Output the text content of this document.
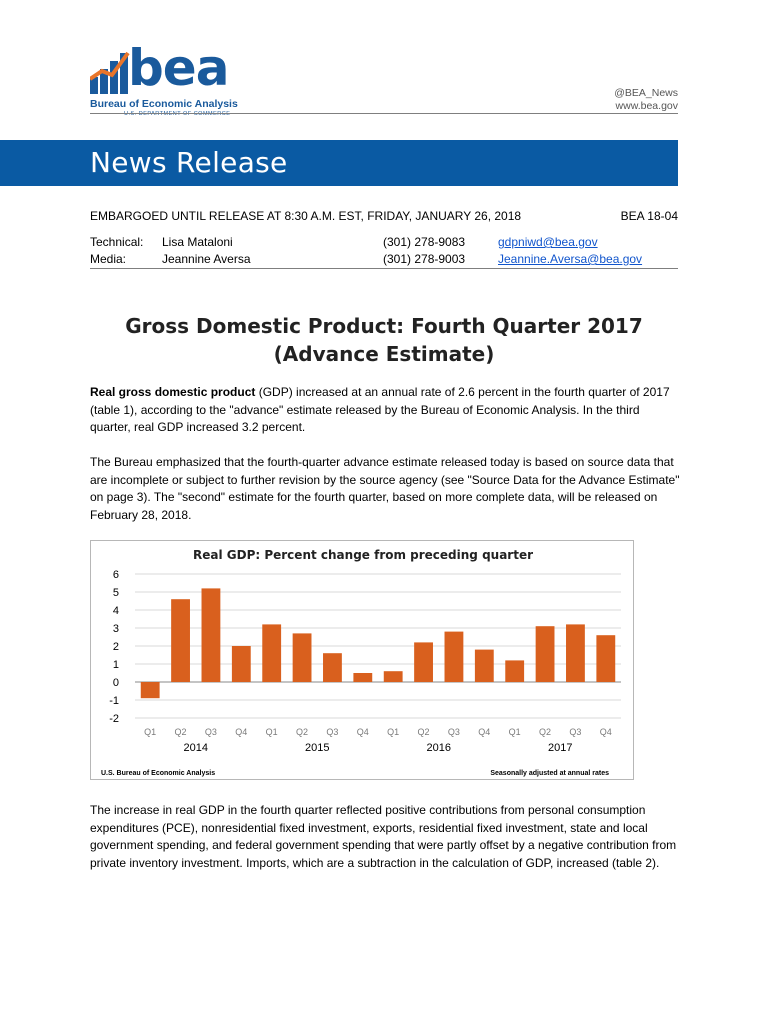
bea
Bureau of Economic Analysis
U.S. DEPARTMENT OF COMMERCE
@BEA_News
www.bea.gov
News Release
EMBARGOED UNTIL RELEASE AT 8:30 A.M. EST, FRIDAY, JANUARY 26, 2018	BEA 18-04
Technical: Lisa Mataloni	(301) 278-9083	gdpniwd@bea.gov
Media:	Jeannine Aversa	(301) 278-9003	Jeannine.Aversa@bea.gov
Gross Domestic Product: Fourth Quarter 2017
(Advance Estimate)
Real gross domestic product (GDP) increased at an annual rate of 2.6 percent in the fourth quarter of 2017 (table 1), according to the "advance" estimate released by the Bureau of Economic Analysis. In the third quarter, real GDP increased 3.2 percent.
The Bureau emphasized that the fourth-quarter advance estimate released today is based on source data that are incomplete or subject to further revision by the source agency (see "Source Data for the Advance Estimate" on page 3). The "second" estimate for the fourth quarter, based on more complete data, will be released on February 28, 2018.
Real GDP: Percent change from preceding quarter
6
5
4
3
2
1
0
-1
-2
Q1 Q2 Q3 Q4 Q1 Q2 Q3 Q4 Q1 Q2 Q3 Q4 Q1 Q2 Q3 Q4
2014	2015	2016	2017
U.S. Bureau of Economic Analysis	Seasonally adjusted at annual rates
The increase in real GDP in the fourth quarter reflected positive contributions from personal consumption expenditures (PCE), nonresidential fixed investment, exports, residential fixed investment, state and local government spending, and federal government spending that were partly offset by a negative contribution from private inventory investment. Imports, which are a subtraction in the calculation of GDP, increased (table 2).
